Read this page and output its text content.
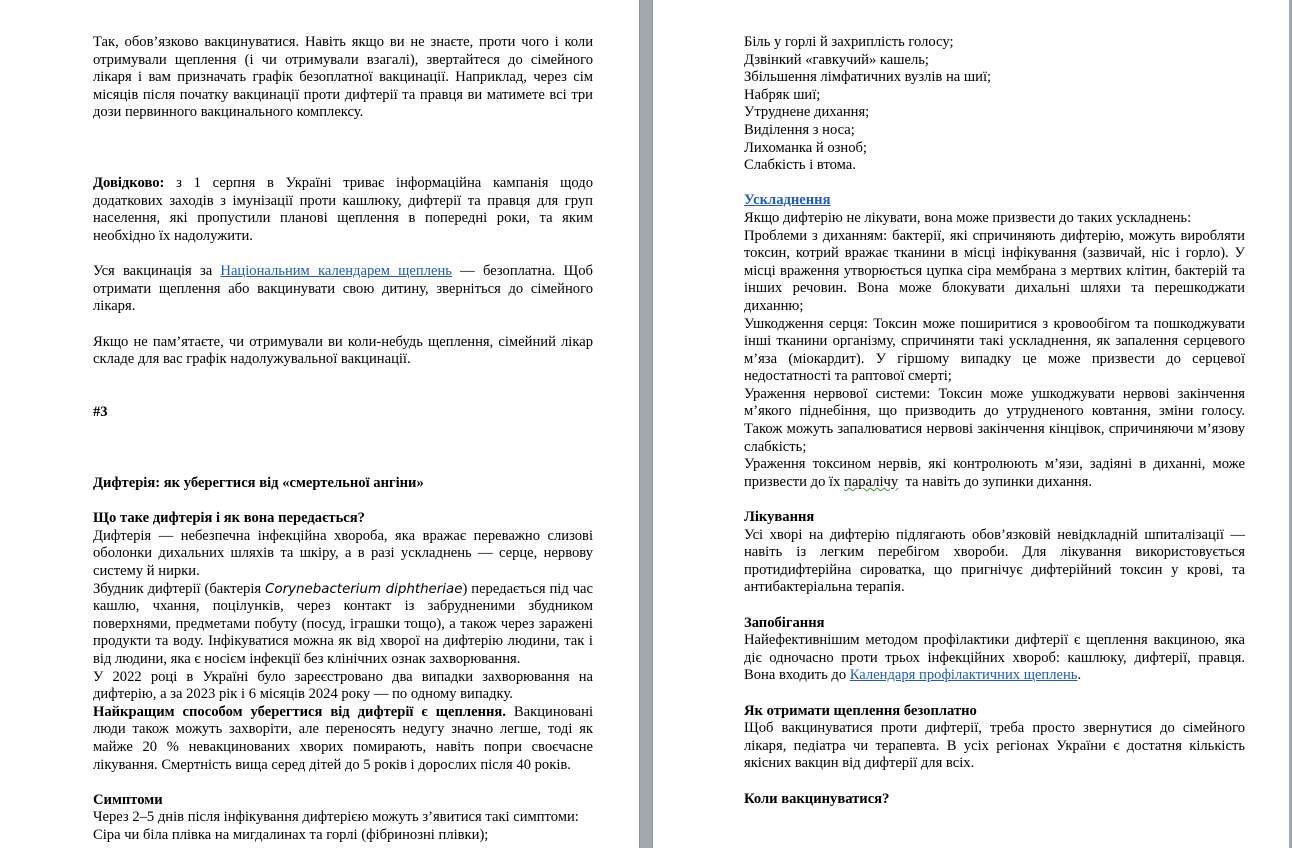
Так, обов’язково вакцинуватися. Навіть якщо ви не знаєте, проти чого і коли отримували щеплення (і чи отримували взагалі), звертайтеся до сімейного лікаря і вам призначать графік безоплатної вакцинації. Наприклад, через сім місяців після початку вакцинації проти дифтерії та правця ви матимете всі три дози первинного вакцинального комплексу.

Довідково: з 1 серпня в Україні триває інформаційна кампанія щодо додаткових заходів з імунізації проти кашлюку, дифтерії та правця для груп населення, які пропустили планові щеплення в попередні роки, та яким необхідно їх надолужити.

Уся вакцинація за Національним календарем щеплень — безоплатна. Щоб отримати щеплення або вакцинувати свою дитину, зверніться до сімейного лікаря.

Якщо не пам’ятаєте, чи отримували ви коли-небудь щеплення, сімейний лікар складе для вас графік надолужувальної вакцинації.

#3

Дифтерія: як уберегтися від «смертельної ангіни»

Що таке дифтерія і як вона передається?

Дифтерія — небезпечна інфекційна хвороба, яка вражає переважно слизові оболонки дихальних шляхів та шкіру, а в разі ускладнень — серце, нервову систему й нирки.

Збудник дифтерії (бактерія Corynebacterium diphtheriae) передається під час кашлю, чхання, поцілунків, через контакт із забрудненими збудником поверхнями, предметами побуту (посуд, іграшки тощо), а також через заражені продукти та воду. Інфікуватися можна як від хворої на дифтерію людини, так і від людини, яка є носієм інфекції без клінічних ознак захворювання.

У 2022 році в Україні було зареєстровано два випадки захворювання на дифтерію, а за 2023 рік і 6 місяців 2024 року — по одному випадку.

Найкращим способом уберегтися від дифтерії є щеплення. Вакциновані люди також можуть захворіти, але переносять недугу значно легше, тоді як майже 20 % невакцинованих хворих помирають, навіть попри своєчасне лікування. Смертність вища серед дітей до 5 років і дорослих після 40 років.

Симптоми

Через 2–5 днів після інфікування дифтерією можуть з’явитися такі симптоми:

Сіра чи біла плівка на мигдалинах та горлі (фібринозні плівки);

Біль у горлі й захриплість голосу;

Дзвінкий «гавкучий» кашель;

Збільшення лімфатичних вузлів на шиї;

Набряк шиї;

Утруднене дихання;

Виділення з носа;

Лихоманка й озноб;

Слабкість і втома.

Ускладнення

Якщо дифтерію не лікувати, вона може призвести до таких ускладнень:

Проблеми з диханням: бактерії, які спричиняють дифтерію, можуть виробляти токсин, котрий вражає тканини в місці інфікування (зазвичай, ніс і горло). У місці враження утворюється цупка сіра мембрана з мертвих клітин, бактерій та інших речовин. Вона може блокувати дихальні шляхи та перешкоджати диханню;

Ушкодження серця: Токсин може поширитися з кровообігом та пошкоджувати інші тканини організму, спричиняти такі ускладнення, як запалення серцевого м’яза (міокардит). У гіршому випадку це може призвести до серцевої недостатності та раптової смерті;

Ураження нервової системи: Токсин може ушкоджувати нервові закінчення м’якого піднебіння, що призводить до утрудненого ковтання, зміни голосу. Також можуть запалюватися нервові закінчення кінцівок, спричиняючи м’язову слабкість;

Ураження токсином нервів, які контролюють м’язи, задіяні в диханні, може призвести до їх паралічу  та навіть до зупинки дихання.

Лікування

Усі хворі на дифтерію підлягають обов’язковій невідкладній шпиталізації — навіть із легким перебігом хвороби. Для лікування використовується протидифтерійна сироватка, що пригнічує дифтерійний токсин у крові, та антибактеріальна терапія.

Запобігання

Найефективнішим методом профілактики дифтерії є щеплення вакциною, яка діє одночасно проти трьох інфекційних хвороб: кашлюку, дифтерії, правця. Вона входить до Календаря профілактичних щеплень.

Як отримати щеплення безоплатно

Щоб вакцинуватися проти дифтерії, треба просто звернутися до сімейного лікаря, педіатра чи терапевта. В усіх регіонах України є достатня кількість якісних вакцин від дифтерії для всіх.

Коли вакцинуватися?
